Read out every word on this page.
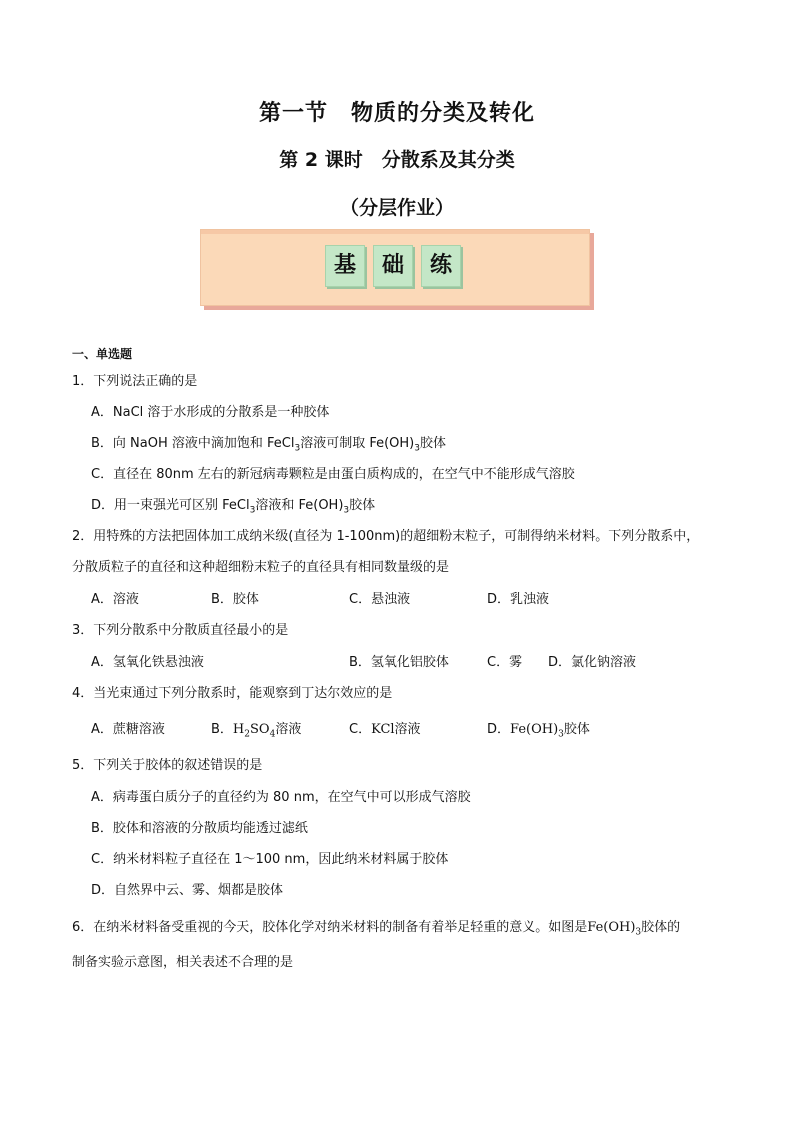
第一节　物质的分类及转化
第 2 课时　分散系及其分类
（分层作业）
基	础	练
一、单选题
1．下列说法正确的是
A．NaCl 溶于水形成的分散系是一种胶体
B．向 NaOH 溶液中滴加饱和 FeCl$_3$溶液可制取 $Fe(OH)_3$胶体
C．直径在 80nm 左右的新冠病毒颗粒是由蛋白质构成的，在空气中不能形成气溶胶
D．用一束强光可区别 FeCl$_3$溶液和 $Fe(OH)_3$胶体
2．用特殊的方法把固体加工成纳米级(直径为 1-100nm)的超细粉末粒子，可制得纳米材料。下列分散系中，
分散质粒子的直径和这种超细粉末粒子的直径具有相同数量级的是
A．溶液	B．胶体	C．悬浊液	D．乳浊液
3．下列分散系中分散质直径最小的是
A．氢氧化铁悬浊液	B．氢氧化铝胶体	C．雾 D．氯化钠溶液
4．当光束通过下列分散系时，能观察到丁达尔效应的是
A．蔗糖溶液	B．$H_2SO_4$溶液	C．KCl溶液	D．$Fe(OH)_3$胶体
5．下列关于胶体的叙述错误的是
A．病毒蛋白质分子的直径约为 80 nm，在空气中可以形成气溶胶
B．胶体和溶液的分散质均能透过滤纸
C．纳米材料粒子直径在 1～100 nm，因此纳米材料属于胶体
D．自然界中云、雾、烟都是胶体
6．在纳米材料备受重视的今天，胶体化学对纳米材料的制备有着举足轻重的意义。如图是$Fe(OH)_3$胶体的
制备实验示意图，相关表述不合理的是
